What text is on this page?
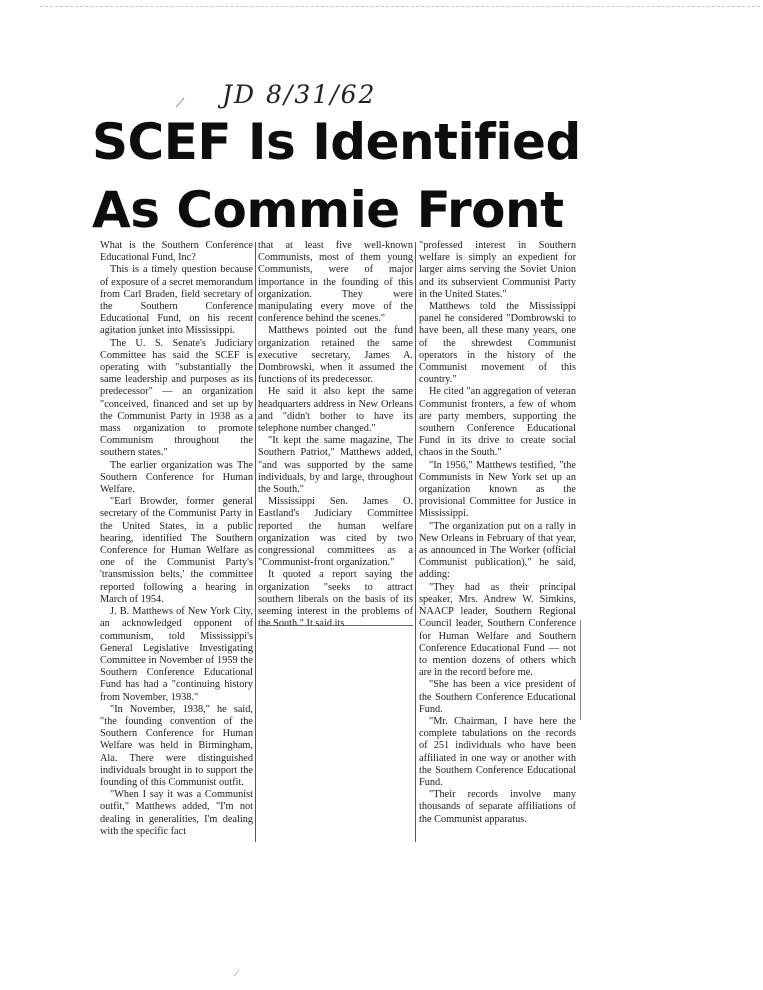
JD 8/31/62
⟋
SCEF Is Identified
As Commie Front

What is the Southern Conference Educational Fund, Inc?

This is a timely question because of exposure of a secret memorandum from Carl Braden, field secretary of the Southern Conference Educational Fund, on his recent agitation junket into Mississippi.

The U. S. Senate's Judiciary Committee has said the SCEF is operating with "substantially the same leadership and purposes as its predecessor" — an organization "conceived, financed and set up by the Communist Party in 1938 as a mass organization to promote Communism throughout the southern states."

The earlier organization was The Southern Conference for Human Welfare.

"Earl Browder, former general secretary of the Communist Party in the United States, in a public hearing, identified The Southern Conference for Human Welfare as one of the Communist Party's 'transmission belts,' the committee reported following a hearing in March of 1954.

J. B. Matthews of New York City, an acknowledged opponent of communism, told Mississippi's General Legislative Investigating Committee in November of 1959 the Southern Conference Educational Fund has had a "continuing history from November, 1938."

"In November, 1938," he said, "the founding convention of the Southern Conference for Human Welfare was held in Birmingham, Ala. There were distinguished individuals brought in to support the founding of this Communist outfit.

"When I say it was a Communist outfit," Matthews added, "I'm not dealing in generalities, I'm dealing with the specific fact

that at least five well-known Communists, most of them young Communists, were of major importance in the founding of this organization. They were manipulating every move of the conference behind the scenes."

Matthews pointed out the fund organization retained the same executive secretary, James A. Dombrowski, when it assumed the functions of its predecessor.

He said it also kept the same headquarters address in New Orleans and "didn't bother to have its telephone number changed."

"It kept the same magazine, The Southern Patriot," Matthews added, "and was supported by the same individuals, by and large, throughout the South."

Mississippi Sen. James O. Eastland's Judiciary Committee reported the human welfare organization was cited by two congressional committees as a "Communist-front organization."

It quoted a report saying the organization "seeks to attract southern liberals on the basis of its seeming interest in the problems of the South." It said its

"professed interest in Southern welfare is simply an expedient for larger aims serving the Soviet Union and its subservient Communist Party in the United States."

Matthews told the Mississippi panel he considered "Dombrowski to have been, all these many years, one of the shrewdest Communist operators in the history of the Communist movement of this country."

He cited "an aggregation of veteran Communist fronters, a few of whom are party members, supporting the southern Conference Educational Fund in its drive to create social chaos in the South."

"In 1956," Matthews testified, "the Communists in New York set up an organization known as the provisional Committee for Justice in Mississippi.

"The organization put on a rally in New Orleans in February of that year, as announced in The Worker (official Communist publication)," he said, adding:

"They had as their principal speaker, Mrs. Andrew W. Simkins, NAACP leader, Southern Regional Council leader, Southern Conference for Human Welfare and Southern Conference Educational Fund — not to mention dozens of others which are in the record before me.

"She has been a vice president of the Southern Conference Educational Fund.

"Mr. Chairman, I have here the complete tabulations on the records of 251 individuals who have been affiliated in one way or another with the Southern Conference Educational Fund.

"Their records involve many thousands of separate affiliations of the Communist apparatus.

∕
